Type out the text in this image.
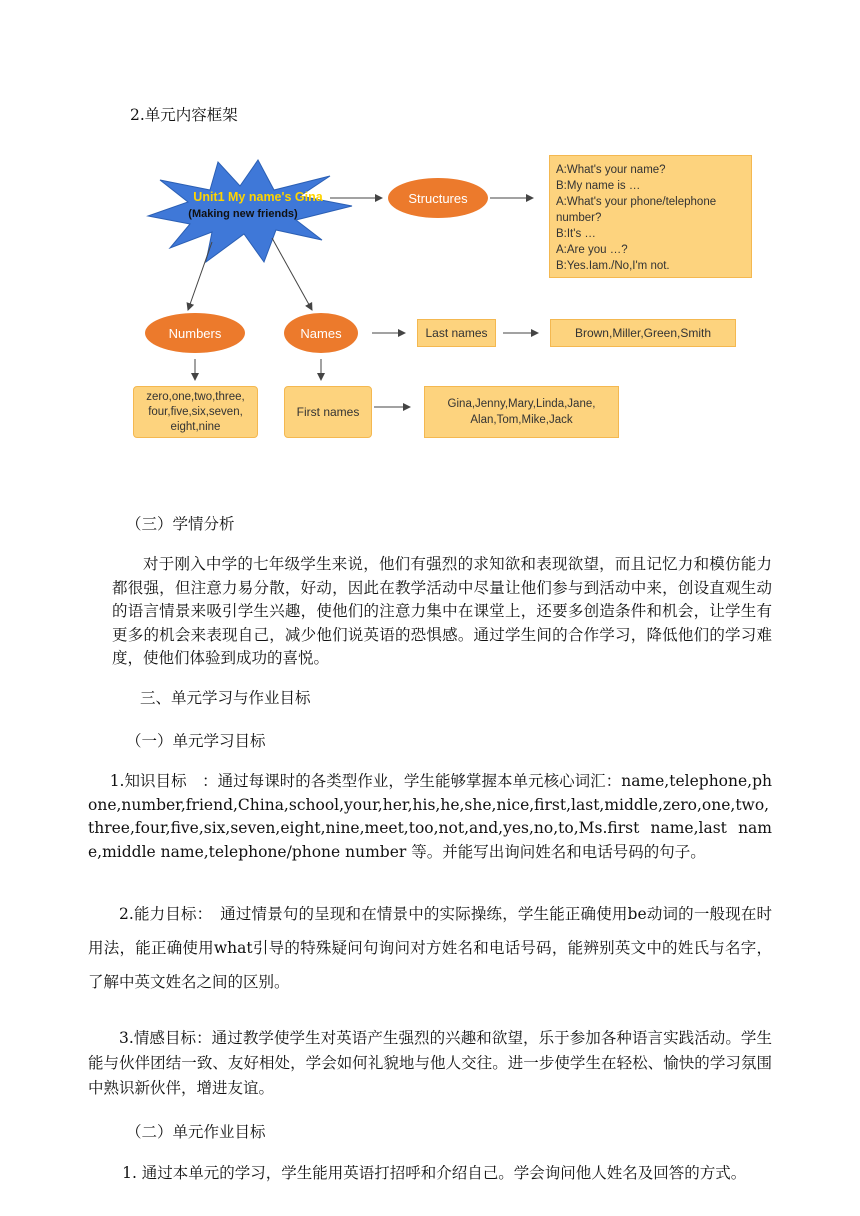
2.单元内容框架
Unit1 My name's Gina
(Making new friends)
Structures
A:What's your name?
B:My name is …
A:What's your phone/telephone
number?
B:It's …
A:Are you …?
B:Yes.Iam./No,I'm not.
Numbers	Names	Last names	Brown,Miller,Green,Smith
zero,one,two,three,
four,five,six,seven,
eight,nine
First names
Gina,Jenny,Mary,Linda,Jane,
Alan,Tom,Mike,Jack
（三）学情分析
对于刚入中学的七年级学生来说，他们有强烈的求知欲和表现欲望，而且记忆力和模仿能力都很强，但注意力易分散，好动，因此在教学活动中尽量让他们参与到活动中来，创设直观生动的语言情景来吸引学生兴趣，使他们的注意力集中在课堂上，还要多创造条件和机会，让学生有更多的机会来表现自己，减少他们说英语的恐惧感。通过学生间的合作学习，降低他们的学习难度，使他们体验到成功的喜悦。
三、单元学习与作业目标
（一）单元学习目标
1.知识目标　：通过每课时的各类型作业，学生能够掌握本单元核心词汇：name,telephone,phone,number,friend,China,school,your,her,his,he,she,nice,first,last,middle,zero,one,two,three,four,five,six,seven,eight,nine,meet,too,not,and,yes,no,to,Ms.first name,last name,middle name,telephone/phone number 等。并能写出询问姓名和电话号码的句子。
2.能力目标：　通过情景句的呈现和在情景中的实际操练，学生能正确使用be动词的一般现在时用法，能正确使用what引导的特殊疑问句询问对方姓名和电话号码，能辨别英文中的姓氏与名字，了解中英文姓名之间的区别。
3.情感目标：通过教学使学生对英语产生强烈的兴趣和欲望，乐于参加各种语言实践活动。学生能与伙伴团结一致、友好相处，学会如何礼貌地与他人交往。进一步使学生在轻松、愉快的学习氛围中熟识新伙伴，增进友谊。
（二）单元作业目标
1. 通过本单元的学习，学生能用英语打招呼和介绍自己。学会询问他人姓名及回答的方式。
